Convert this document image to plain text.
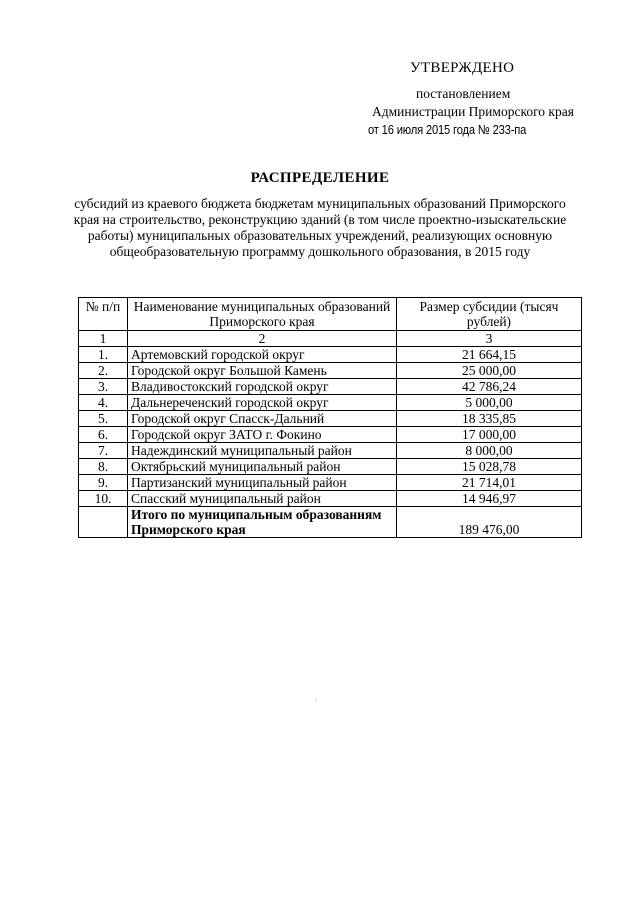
УТВЕРЖДЕНО
постановлением
Администрации Приморского края
от 16 июля 2015 года № 233-па
РАСПРЕДЕЛЕНИЕ
субсидий из краевого бюджета бюджетам муниципальных образований Приморского края на строительство, реконструкцию зданий (в том числе проектно-изыскательские работы) муниципальных образовательных учреждений, реализующих основную общеобразовательную программу дошкольного образования, в 2015 году
№ п/п	Наименование муниципальных образований Приморского края	Размер субсидии (тысяч рублей)
1	2	3
1.	Артемовский городской округ	21 664,15
2.	Городской округ Большой Камень	25 000,00
3.	Владивостокский городской округ	42 786,24
4.	Дальнереченский городской округ	5 000,00
5.	Городской округ Спасск-Дальний	18 335,85
6.	Городской округ ЗАТО г. Фокино	17 000,00
7.	Надеждинский муниципальный район	8 000,00
8.	Октябрьский муниципальный район	15 028,78
9.	Партизанский муниципальный район	21 714,01
10.	Спасский муниципальный район	14 946,97
	Итого по муниципальным образованиям Приморского края	189 476,00
